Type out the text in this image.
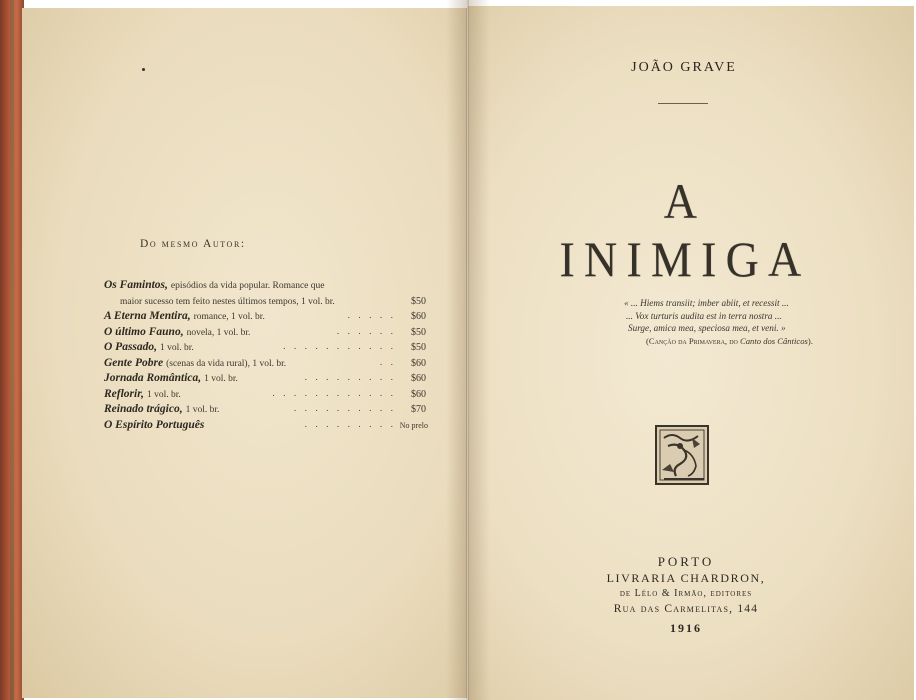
Do mesmo Autor:
Os Famintos, episódios da vida popular. Romance que
maior sucesso tem feito nestes últimos tempos, 1 vol. br.	$50
A Eterna Mentira, romance, 1 vol. br.	. . . . . $60
O último Fauno, novela, 1 vol. br.	. . . . . . $50
O Passado, 1 vol. br.	. . . . . . . . . . . $50
Gente Pobre (scenas da vida rural), 1 vol. br.	. . $60
Jornada Romântica, 1 vol. br.	. . . . . . . . . $60
Reflorir, 1 vol. br.	. . . . . . . . . . . . $60
Reinado trágico, 1 vol. br.	. . . . . . . . . . $70
O Espírito Português	. . . . . . . . . No prelo
JOÃO GRAVE
A INIMIGA
« ... Hiems transiit; imber abiit, et recessit ...
... Vox turturis audita est in terra nostra ...
Surge, amica mea, speciosa mea, et veni. »
(Canção da Primavera, do Canto dos Cânticos).
PORTO
LIVRARIA CHARDRON,
de Lélo & Irmão, editores
Rua das Carmelitas, 144
1916
